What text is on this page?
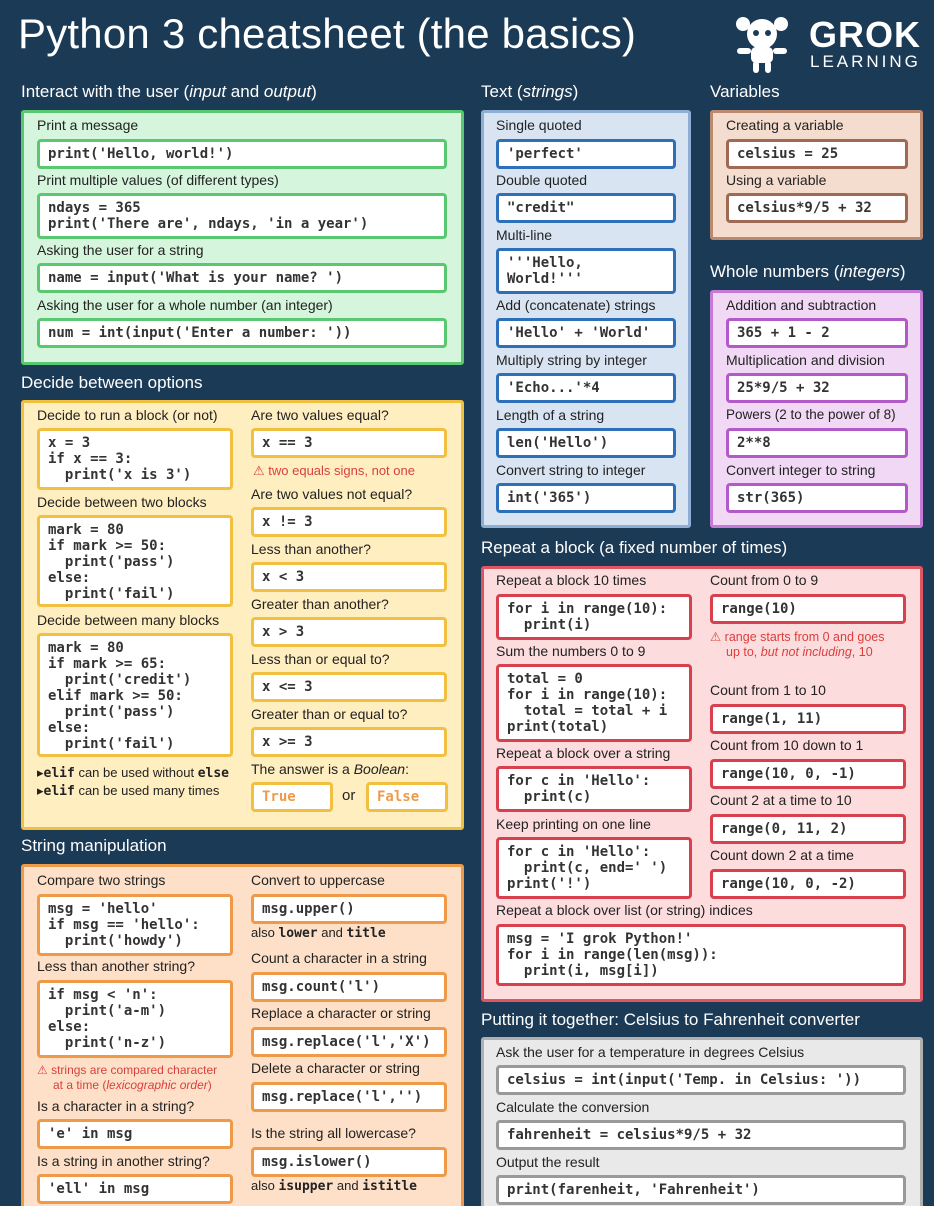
Python 3 cheatsheet (the basics)	GROK
LEARNING
Interact with the user (input and output)
Print a message
print('Hello, world!')
Print multiple values (of different types)
ndays = 365
print('There are', ndays, 'in a year')
Asking the user for a string
name = input('What is your name? ')
Asking the user for a whole number (an integer)
num = int(input('Enter a number: '))
Decide between options
Decide to run a block (or not)
x = 3
if x == 3:
print('x is 3')
Decide between two blocks
mark = 80
if mark >= 50:
print('pass')
else:
print('fail')
Decide between many blocks
mark = 80
if mark >= 65:
print('credit')
elif mark >= 50:
print('pass')
else:
print('fail')
▸elif can be used without else
▸elif can be used many times
Are two values equal?
x == 3
⚠ two equals signs, not one
Are two values not equal?
x != 3
Less than another?
x < 3
Greater than another?
x > 3
Less than or equal to?
x <= 3
Greater than or equal to?
x >= 3
The answer is a Boolean:
True	or	False
String manipulation
Compare two strings
msg = 'hello'
if msg == 'hello':
print('howdy')
Less than another string?
if msg < 'n':
print('a-m')
else:
print('n-z')
⚠ strings are compared character
at a time (lexicographic order)
Is a character in a string?
'e' in msg
Is a string in another string?
'ell' in msg
Convert to uppercase
msg.upper()
also lower and title
Count a character in a string
msg.count('l')
Replace a character or string
msg.replace('l','X')
Delete a character or string
msg.replace('l','')
Is the string all lowercase?
msg.islower()
also isupper and istitle
Text (strings)
Single quoted
'perfect'
Double quoted
"credit"
Multi-line
'''Hello,
World!'''
Add (concatenate) strings
'Hello' + 'World'
Multiply string by integer
'Echo...'*4
Length of a string
len('Hello')
Convert string to integer
int('365')
Variables
Creating a variable
celsius = 25
Using a variable
celsius*9/5 + 32
Whole numbers (integers)
Addition and subtraction
365 + 1 - 2
Multiplication and division
25*9/5 + 32
Powers (2 to the power of 8)
2**8
Convert integer to string
str(365)
Repeat a block (a fixed number of times)
Repeat a block 10 times
for i in range(10):
print(i)
Sum the numbers 0 to 9
total = 0
for i in range(10):
total = total + i
print(total)
Repeat a block over a string
for c in 'Hello':
print(c)
Keep printing on one line
for c in 'Hello':
print(c, end=' ')
print('!')
Count from 0 to 9
range(10)
⚠ range starts from 0 and goes
up to, but not including, 10
Count from 1 to 10
range(1, 11)
Count from 10 down to 1
range(10, 0, -1)
Count 2 at a time to 10
range(0, 11, 2)
Count down 2 at a time
range(10, 0, -2)
Repeat a block over list (or string) indices
msg = 'I grok Python!'
for i in range(len(msg)):
print(i, msg[i])
Putting it together: Celsius to Fahrenheit converter
Ask the user for a temperature in degrees Celsius
celsius = int(input('Temp. in Celsius: '))
Calculate the conversion
fahrenheit = celsius*9/5 + 32
Output the result
print(farenheit, 'Fahrenheit')
